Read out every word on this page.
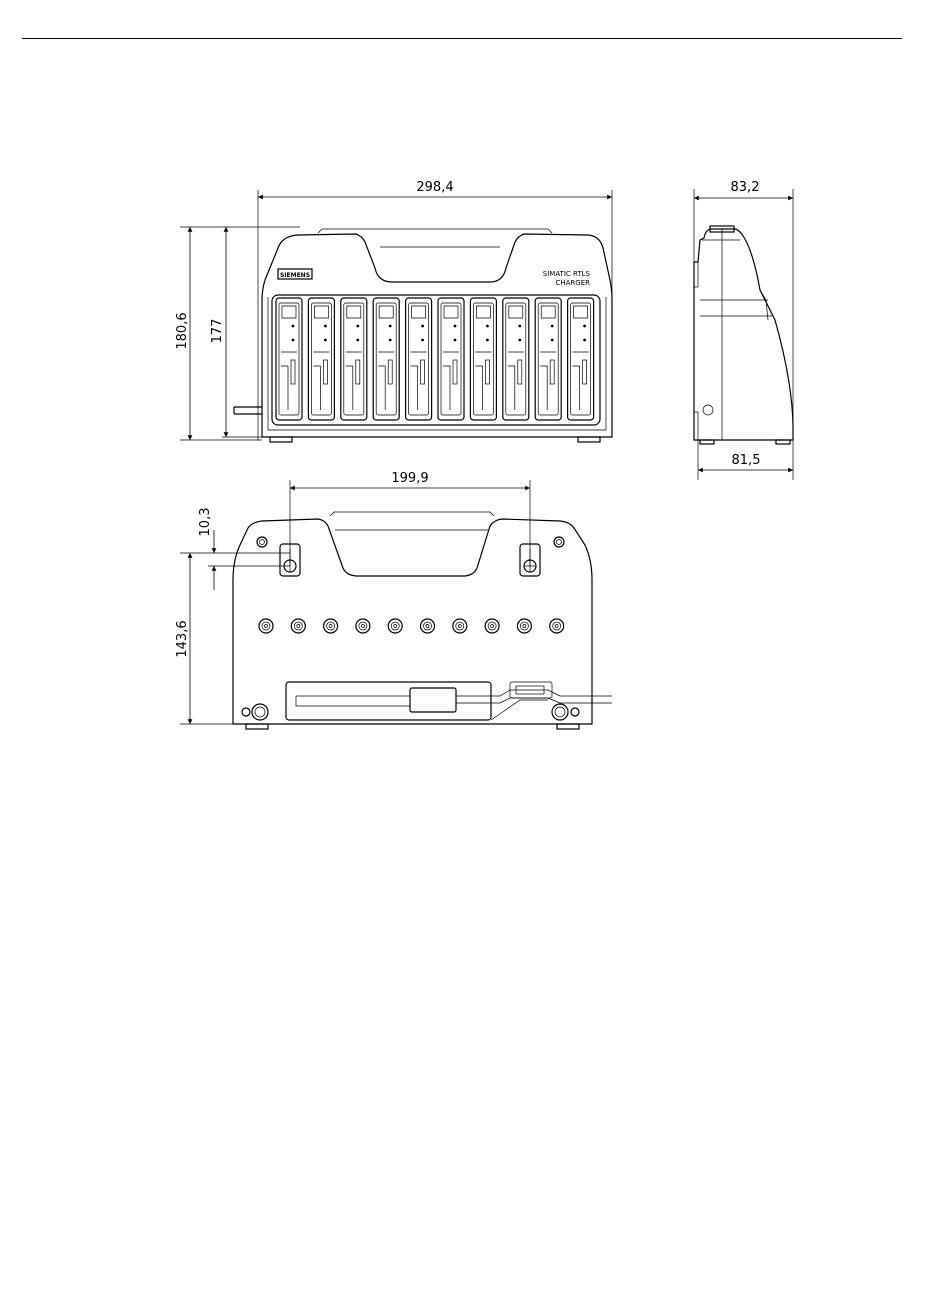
SIEMENS	SIMATIC RTLS
CHARGER
298,4
180,6 177
83,2
81,5
199,9
10,3
143,6
